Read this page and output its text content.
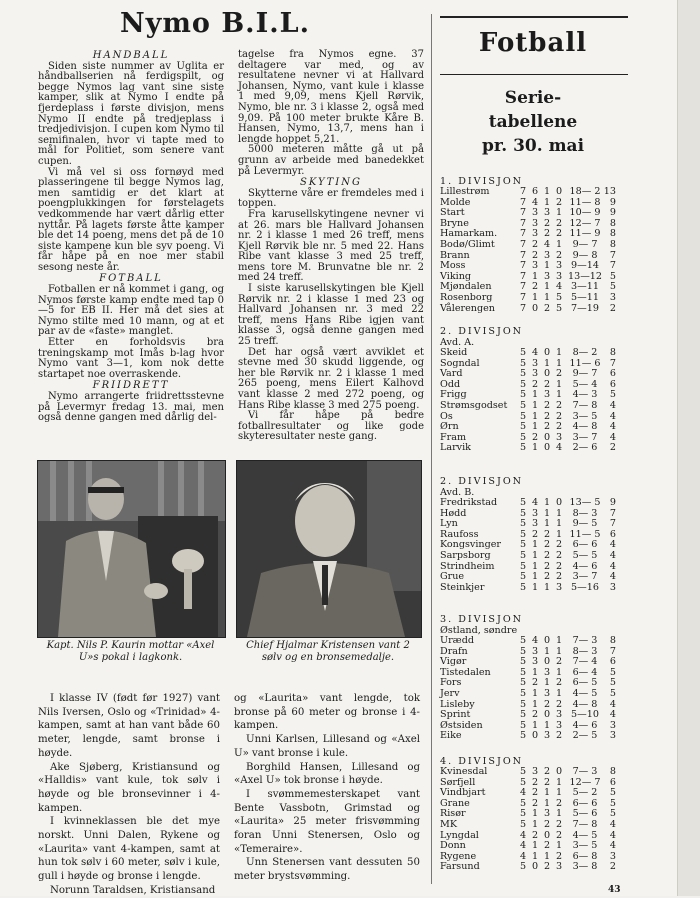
Nymo B.I.L.
HANDBALL

Siden siste nummer av Uglita er håndballserien nå ferdigspilt, og begge Nymos lag vant sine siste kamper, slik at Nymo I endte på fjerdeplass i første divisjon, mens Nymo II endte på tredjeplass i tredjedivisjon. I cupen kom Nymo til semifinalen, hvor vi tapte med to mål for Politiet, som senere vant cupen.

Vi må vel si oss fornøyd med plasseringene til begge Nymos lag, men samtidig er det klart at poengplukkingen for førstelagets vedkommende har vært dårlig etter nyttår. På lagets første åtte kamper ble det 14 poeng, mens det på de 10 siste kampene kun ble syv poeng. Vi får håpe på en noe mer stabil sesong neste år.

FOTBALL

Fotballen er nå kommet i gang, og Nymos første kamp endte med tap 0—5 for EB II. Her må det sies at Nymo stilte med 10 mann, og at et par av de «faste» manglet.

Etter en forholdsvis bra treningskamp mot Imås b-lag hvor Nymo vant 3—1, kom nok dette startapet noe overraskende.

FRIIDRETT

Nymo arrangerte friidrettsstevne på Levermyr fredag 13. mai, men også denne gangen med dårlig del-

tagelse fra Nymos egne. 37 deltagere var med, og av resultatene nevner vi at Hallvard Johansen, Nymo, vant kule i klasse 1 med 9,09, mens Kjell Rørvik, Nymo, ble nr. 3 i klasse 2, også med 9,09. På 100 meter brukte Kåre B. Hansen, Nymo, 13,7, mens han i lengde hoppet 5,21.

5000 meteren måtte gå ut på grunn av arbeide med banedekket på Levermyr.

SKYTING

Skytterne våre er fremdeles med i toppen.

Fra karusellskytingene nevner vi at 26. mars ble Hallvard Johansen nr. 2 i klasse 1 med 26 treff, mens Kjell Rørvik ble nr. 5 med 22. Hans Ribe vant klasse 3 med 25 treff, mens tore M. Brunvatne ble nr. 2 med 24 treff.

I siste karusellskytingen ble Kjell Rørvik nr. 2 i klasse 1 med 23 og Hallvard Johansen nr. 3 med 22 treff, mens Hans Ribe igjen vant klasse 3, også denne gangen med 25 treff.

Det har også vært avviklet et stevne med 30 skudd liggende, og her ble Rørvik nr. 2 i klasse 1 med 265 poeng, mens Eilert Kalhovd vant klasse 2 med 272 poeng, og Hans Ribe klasse 3 med 275 poeng.

Vi får håpe på bedre fotballresultater og like gode skyteresultater neste gang.

Kapt. Nils P. Kaurin mottar «Axel U»s pokal i lagkonk.
Chief Hjalmar Kristensen vant 2 sølv og en bronsemedalje.

I klasse IV (født før 1927) vant Nils Iversen, Oslo og «Trinidad» 4-kampen, samt at han vant både 60 meter, lengde, samt bronse i høyde.

Ake Sjøberg, Kristiansund og «Halldis» vant kule, tok sølv i høyde og ble bronsevinner i 4-kampen.

I kvinneklassen ble det mye norskt. Unni Dalen, Rykene og «Laurita» vant 4-kampen, samt at hun tok sølv i 60 meter, sølv i kule, gull i høyde og bronse i lengde.

Norunn Taraldsen, Kristiansand

og «Laurita» vant lengde, tok bronse på 60 meter og bronse i 4-kampen.

Unni Karlsen, Lillesand og «Axel U» vant bronse i kule.

Borghild Hansen, Lillesand og «Axel U» tok bronse i høyde.

I svømmemesterskapet vant Bente Vassbotn, Grimstad og «Laurita» 25 meter frisvømming foran Unni Stenersen, Oslo og «Temeraire».

Unn Stenersen vant dessuten 50 meter brystsvømming.

Fotball
Serie-
tabellene
pr. 30. mai
1. DIVISJON
Lillestrøm	7	6	1	0	18— 2	13
Molde	7	4	1	2	11— 8	9
Start	7	3	3	1	10— 9	9
Bryne	7	3	2	2	12— 7	8
Hamarkam.	7	3	2	2	11— 9	8
Bodø/Glimt	7	2	4	1	9— 7	8
Brann	7	2	3	2	9— 8	7
Moss	7	3	1	3	9—14	7
Viking	7	1	3	3	13—12	5
Mjøndalen	7	2	1	4	3—11	5
Rosenborg	7	1	1	5	5—11	3
Vålerengen	7	0	2	5	7—19	2
2. DIVISJON
Avd. A.
Skeid	5	4	0	1	8— 2	8
Sogndal	5	3	1	1	11— 6	7
Vard	5	3	0	2	9— 7	6
Odd	5	2	2	1	5— 4	6
Frigg	5	1	3	1	4— 3	5
Strømsgodset	5	1	2	2	7— 8	4
Os	5	1	2	2	3— 5	4
Ørn	5	1	2	2	4— 8	4
Fram	5	2	0	3	3— 7	4
Larvik	5	1	0	4	2— 6	2
2. DIVISJON
Avd. B.
Fredrikstad	5	4	1	0	13— 5	9
Hødd	5	3	1	1	8— 3	7
Lyn	5	3	1	1	9— 5	7
Raufoss	5	2	2	1	11— 5	6
Kongsvinger	5	1	2	2	6— 6	4
Sarpsborg	5	1	2	2	5— 5	4
Strindheim	5	1	2	2	4— 6	4
Grue	5	1	2	2	3— 7	4
Steinkjer	5	1	1	3	5—16	3
3. DIVISJON
Østland, søndre
Urædd	5	4	0	1	7— 3	8
Drafn	5	3	1	1	8— 3	7
Vigør	5	3	0	2	7— 4	6
Tistedalen	5	1	3	1	6— 4	5
Fors	5	2	1	2	6— 5	5
Jerv	5	1	3	1	4— 5	5
Lisleby	5	1	2	2	4— 8	4
Sprint	5	2	0	3	5—10	4
Østsiden	5	1	1	3	4— 6	3
Eike	5	0	3	2	2— 5	3
4. DIVISJON
Kvinesdal	5	3	2	0	7— 3	8
Sørfjell	5	2	2	1	12— 7	6
Vindbjart	4	2	1	1	5— 2	5
Grane	5	2	1	2	6— 6	5
Risør	5	1	3	1	5— 6	5
MK	5	1	2	2	7— 8	4
Lyngdal	4	2	0	2	4— 5	4
Donn	4	1	2	1	3— 5	4
Rygene	4	1	1	2	6— 8	3
Farsund	5	0	2	3	3— 8	2
43
